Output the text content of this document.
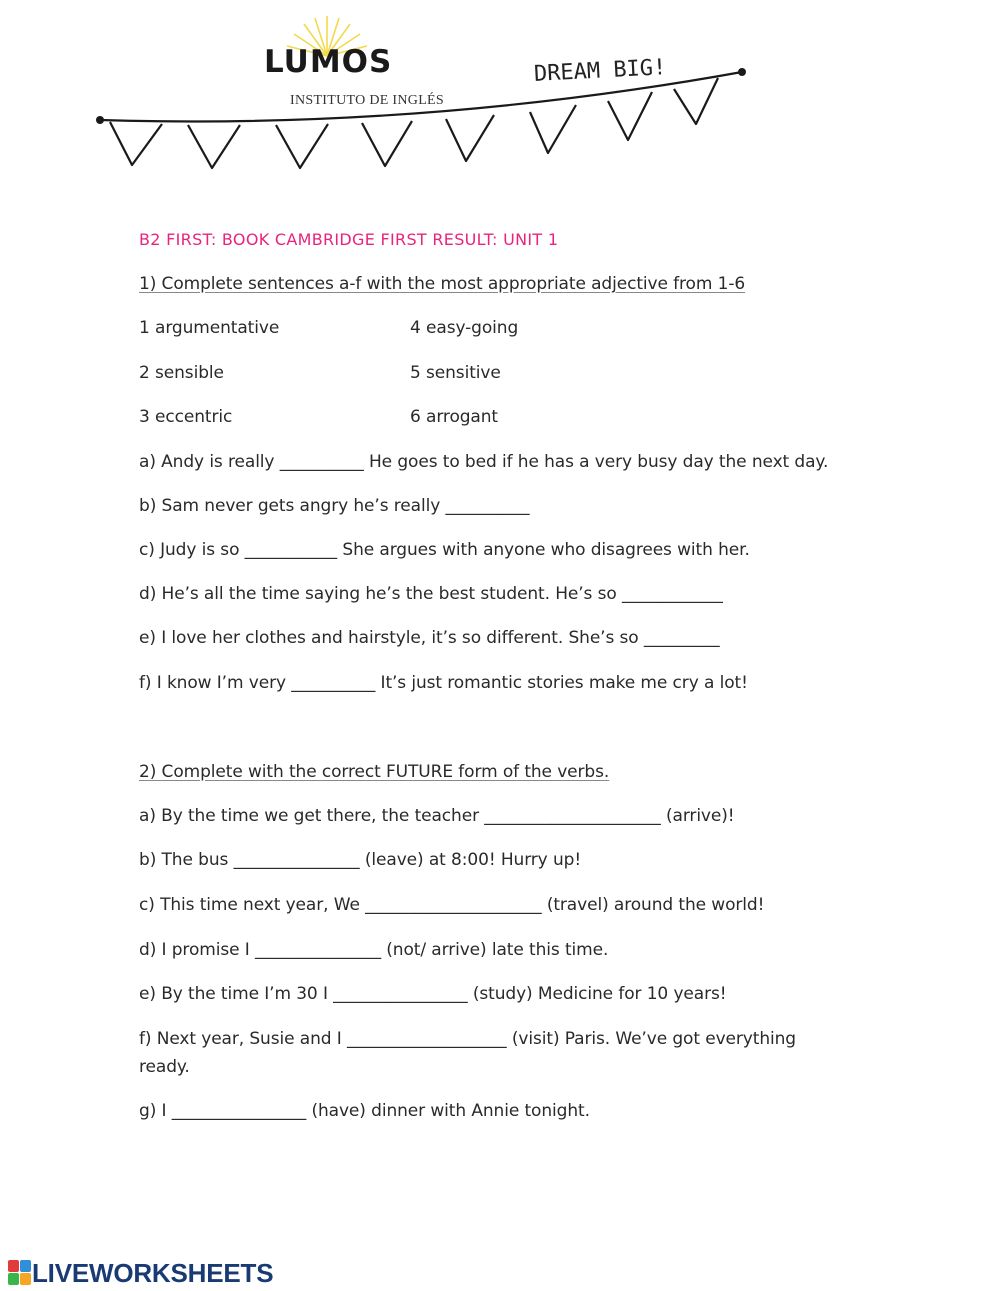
LUMOS
INSTITUTO DE INGLÉS
DREAM BIG!
B2 FIRST: BOOK CAMBRIDGE FIRST RESULT: UNIT 1
1) Complete sentences a-f with the most appropriate adjective from 1-6
1 argumentative	4 easy-going
2 sensible	5 sensitive
3 eccentric	6 arrogant
a) Andy is really __________ He goes to bed if he has a very busy day the next day.
b) Sam never gets angry he’s really __________
c) Judy is so ___________ She argues with anyone who disagrees with her.
d) He’s all the time saying he’s the best student. He’s so ____________
e) I love her clothes and hairstyle, it’s so different. She’s so _________
f) I know I’m very __________ It’s just romantic stories make me cry a lot!
2) Complete with the correct FUTURE form of the verbs.
a) By the time we get there, the teacher _____________________ (arrive)!
b) The bus _______________ (leave) at 8:00! Hurry up!
c) This time next year, We _____________________ (travel) around the world!
d) I promise I _______________ (not/ arrive) late this time.
e) By the time I’m 30 I ________________ (study) Medicine for 10 years!
f) Next year, Susie and I ___________________ (visit) Paris. We’ve got everything
ready.
g) I ________________ (have) dinner with Annie tonight.
LIVEWORKSHEETS
